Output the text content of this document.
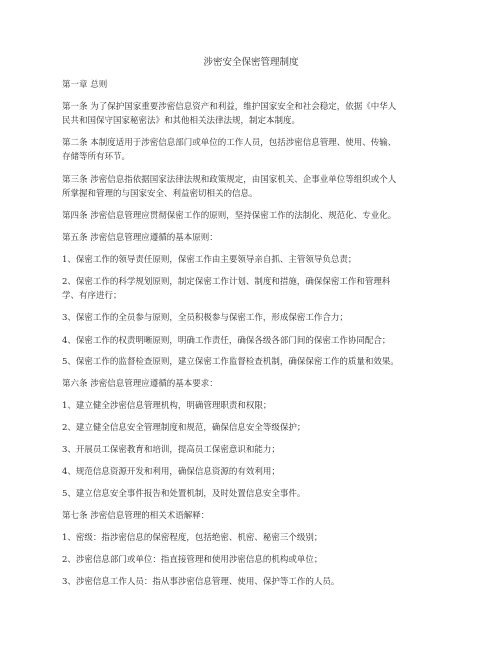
涉密安全保密管理制度
第一章 总则
第一条 为了保护国家重要涉密信息资产和利益，维护国家安全和社会稳定，依据《中华人
民共和国保守国家秘密法》和其他相关法律法规，制定本制度。
第二条 本制度适用于涉密信息部门或单位的工作人员，包括涉密信息管理、使用、传输、
存储等所有环节。
第三条 涉密信息指依据国家法律法规和政策规定，由国家机关、企事业单位等组织或个人
所掌握和管理的与国家安全、利益密切相关的信息。
第四条 涉密信息管理应贯彻保密工作的原则，坚持保密工作的法制化、规范化、专业化。
第五条 涉密信息管理应遵循的基本原则：
1、保密工作的领导责任原则，保密工作由主要领导亲自抓、主管领导负总责；
2、保密工作的科学规划原则，制定保密工作计划、制度和措施，确保保密工作和管理科
学、有序进行；
3、保密工作的全员参与原则，全员积极参与保密工作，形成保密工作合力；
4、保密工作的权责明晰原则，明确工作责任，确保各级各部门间的保密工作协同配合；
5、保密工作的监督检查原则，建立保密工作监督检查机制，确保保密工作的质量和效果。
第六条 涉密信息管理应遵循的基本要求：
1、建立健全涉密信息管理机构，明确管理职责和权限；
2、建立健全信息安全管理制度和规范，确保信息安全等级保护；
3、开展员工保密教育和培训，提高员工保密意识和能力；
4、规范信息资源开发和利用，确保信息资源的有效利用；
5、建立信息安全事件报告和处置机制，及时处置信息安全事件。
第七条 涉密信息管理的相关术语解释：
1、密级：指涉密信息的保密程度，包括绝密、机密、秘密三个级别；
2、涉密信息部门或单位：指直接管理和使用涉密信息的机构或单位；
3、涉密信息工作人员：指从事涉密信息管理、使用、保护等工作的人员。
